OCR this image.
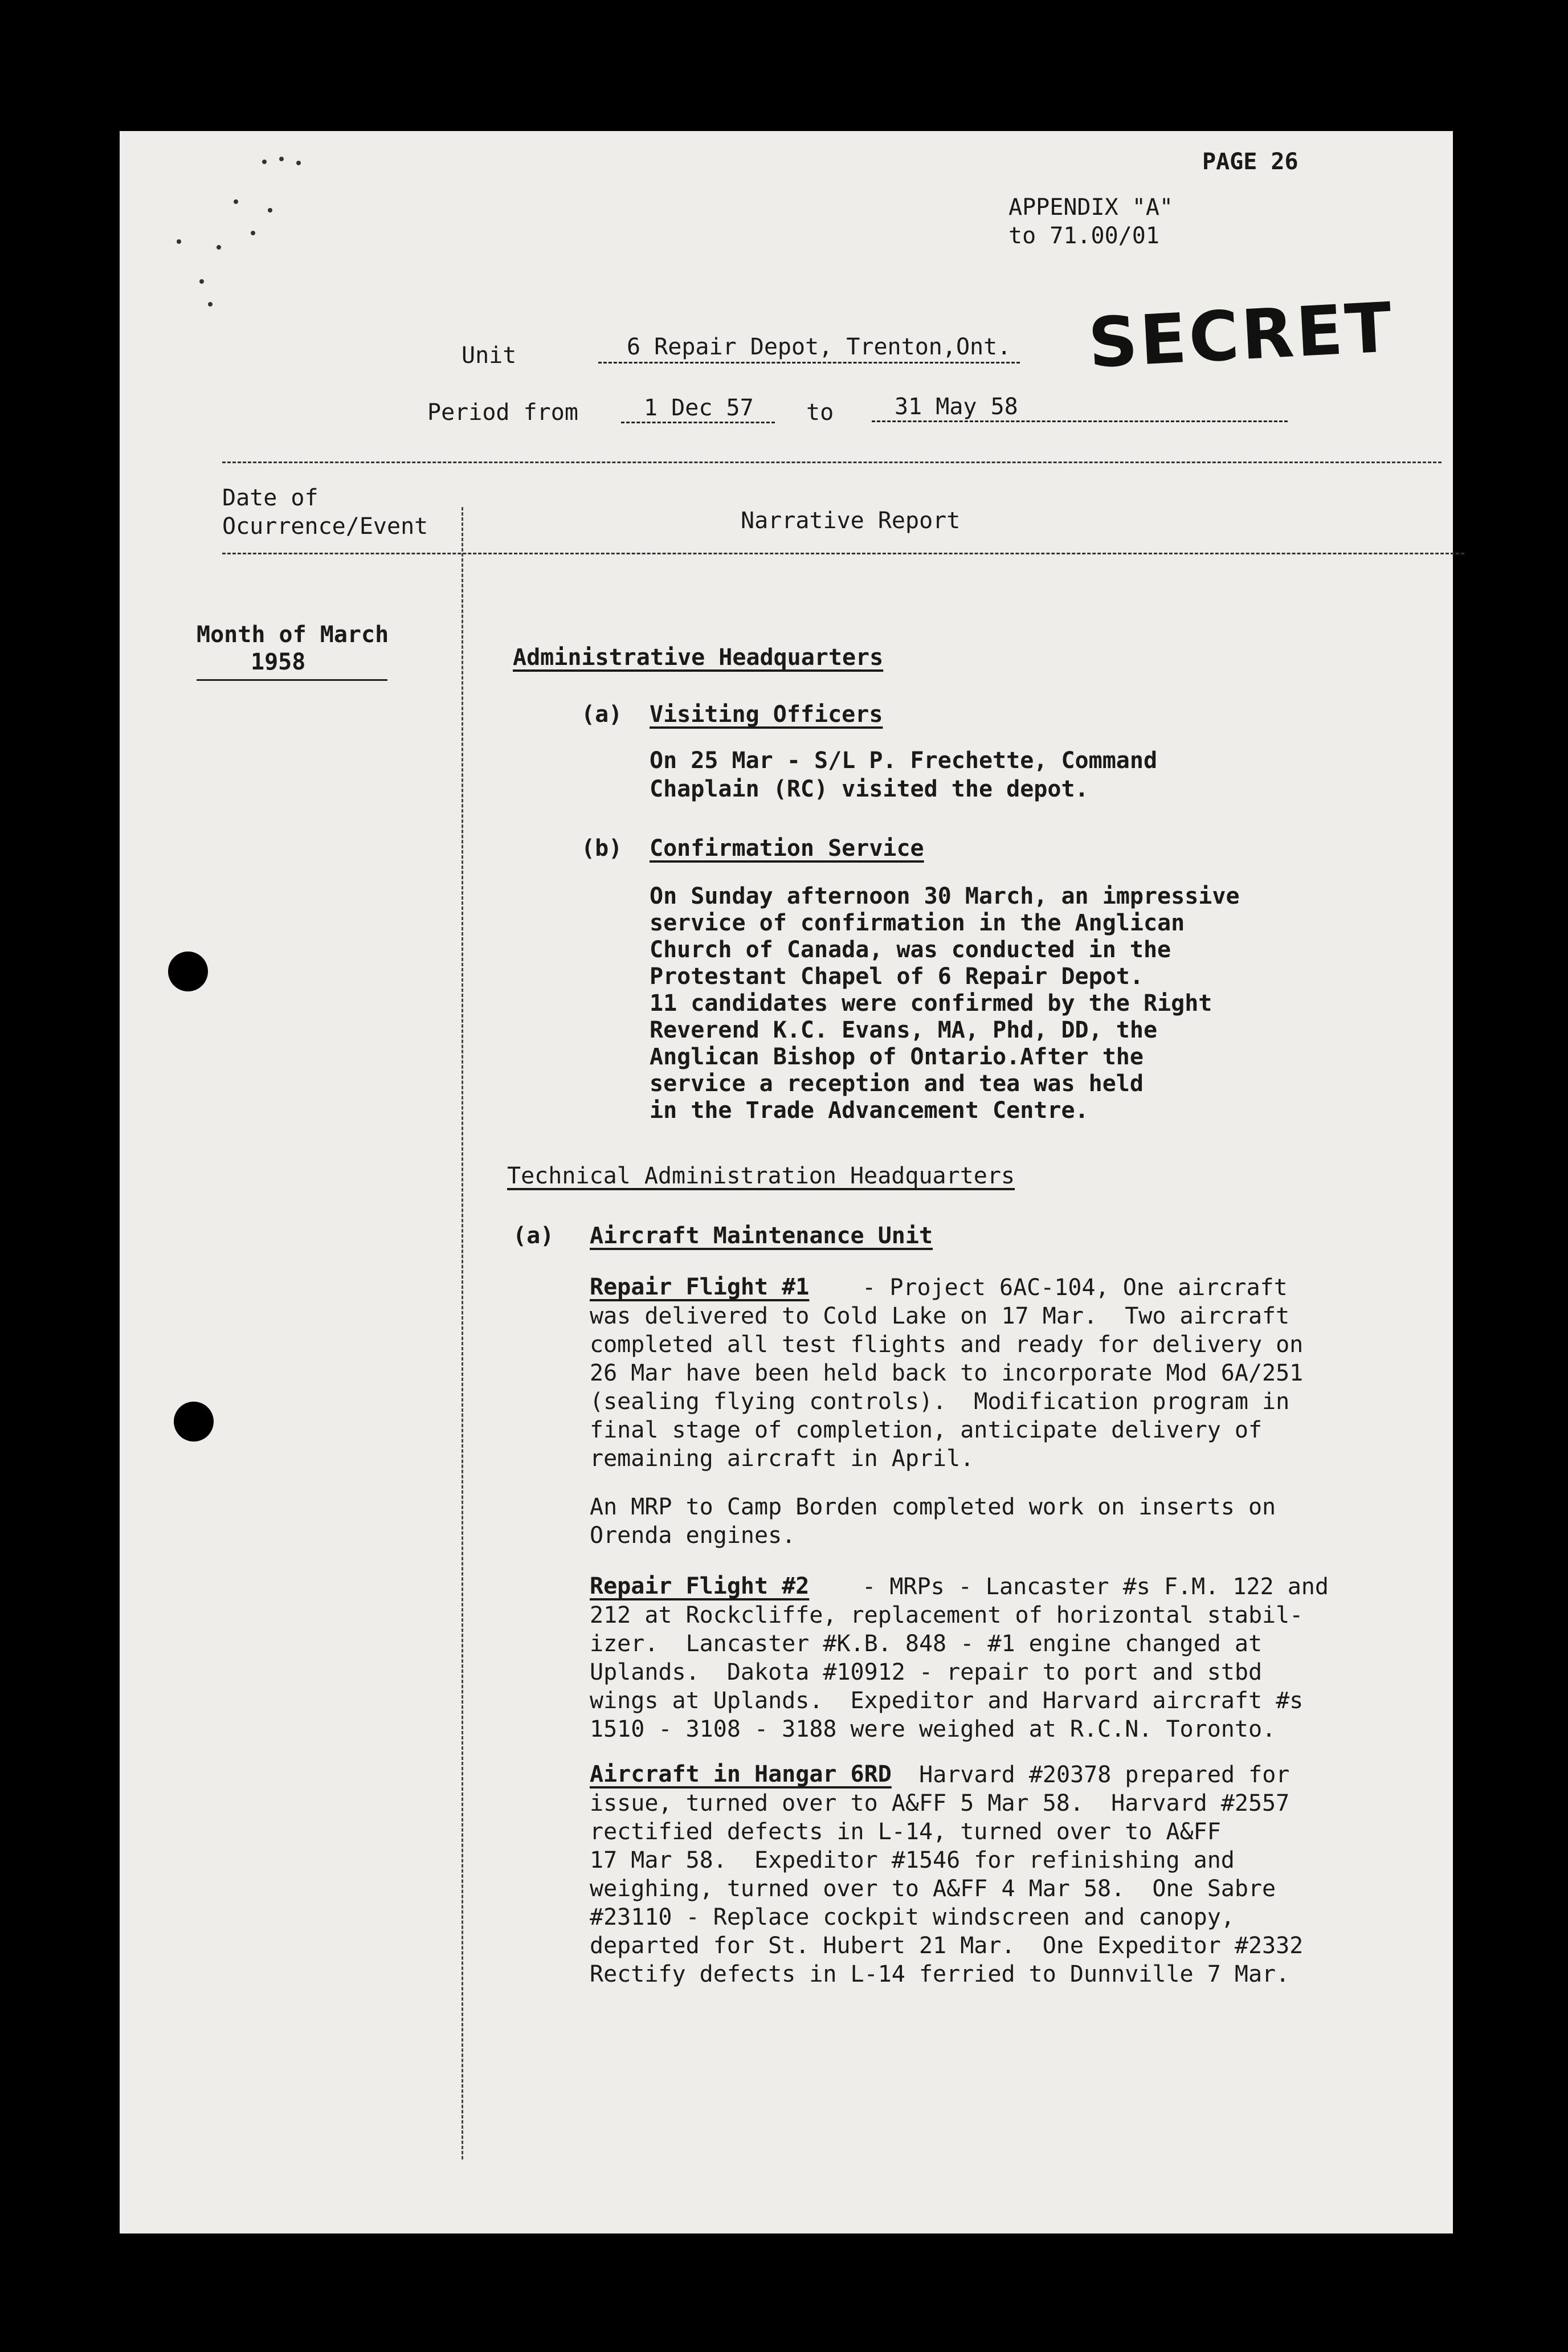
PAGE 26
APPENDIX "A"
to 71.00/01
SECRET
Unit	6 Repair Depot, Trenton,Ont.
Period from	1 Dec 57 to	31 May 58
Date of
Ocurrence/Event	Narrative Report
Month of March
1958	Administrative Headquarters
(a) Visiting Officers
On 25 Mar - S/L P. Frechette, Command
Chaplain (RC) visited the depot.
(b) Confirmation Service
On Sunday afternoon 30 March, an impressive
service of confirmation in the Anglican
Church of Canada, was conducted in the
Protestant Chapel of 6 Repair Depot.
11 candidates were confirmed by the Right
Reverend K.C. Evans, MA, Phd, DD, the
Anglican Bishop of Ontario.After the
service a reception and tea was held
in the Trade Advancement Centre.
Technical Administration Headquarters
(a) Aircraft Maintenance Unit
Repair Flight #1	- Project 6AC-104, One aircraft
was delivered to Cold Lake on 17 Mar.  Two aircraft
completed all test flights and ready for delivery on
26 Mar have been held back to incorporate Mod 6A/251
(sealing flying controls).  Modification program in
final stage of completion, anticipate delivery of
remaining aircraft in April.
An MRP to Camp Borden completed work on inserts on
Orenda engines.
Repair Flight #2	- MRPs - Lancaster #s F.M. 122 and
212 at Rockcliffe, replacement of horizontal stabil-
izer.  Lancaster #K.B. 848 - #1 engine changed at
Uplands.  Dakota #10912 - repair to port and stbd
wings at Uplands.  Expeditor and Harvard aircraft #s
1510 - 3108 - 3188 were weighed at R.C.N. Toronto.
Aircraft in Hangar 6RD	Harvard #20378 prepared for
issue, turned over to A&FF 5 Mar 58.  Harvard #2557
rectified defects in L-14, turned over to A&FF
17 Mar 58.  Expeditor #1546 for refinishing and
weighing, turned over to A&FF 4 Mar 58.  One Sabre
#23110 - Replace cockpit windscreen and canopy,
departed for St. Hubert 21 Mar.  One Expeditor #2332
Rectify defects in L-14 ferried to Dunnville 7 Mar.
